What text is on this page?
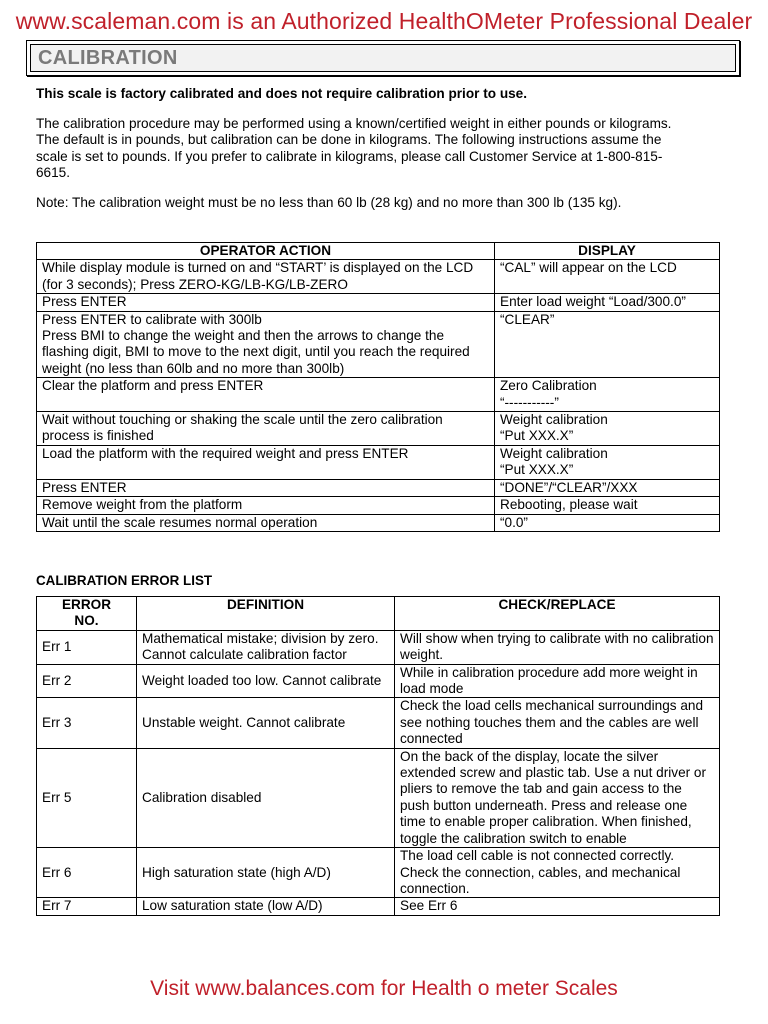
www.scaleman.com is an Authorized HealthOMeter Professional Dealer
CALIBRATION

This scale is factory calibrated and does not require calibration prior to use.

The calibration procedure may be performed using a known/certified weight in either pounds or kilograms. The default is in pounds, but calibration can be done in kilograms. The following instructions assume the scale is set to pounds. If you prefer to calibrate in kilograms, please call Customer Service at 1-800-815-6615.

Note: The calibration weight must be no less than 60 lb (28 kg) and no more than 300 lb (135 kg).

OPERATOR ACTION	DISPLAY
While display module is turned on and “START’ is displayed on the LCD (for 3 seconds); Press ZERO-KG/LB-KG/LB-ZERO	“CAL” will appear on the LCD
Press ENTER	Enter load weight “Load/300.0”
Press ENTER to calibrate with 300lb
Press BMI to change the weight and then the arrows to change the flashing digit, BMI to move to the next digit, until you reach the required weight (no less than 60lb and no more than 300lb)	“CLEAR”
Clear the platform and press ENTER	Zero Calibration
“-----------”
Wait without touching or shaking the scale until the zero calibration process is finished	Weight calibration
“Put XXX.X”
Load the platform with the required weight and press ENTER	Weight calibration
“Put XXX.X”
Press ENTER	“DONE”/“CLEAR”/XXX
Remove weight from the platform	Rebooting, please wait
Wait until the scale resumes normal operation	“0.0”
CALIBRATION ERROR LIST
ERROR
NO.	DEFINITION	CHECK/REPLACE
Err 1	Mathematical mistake; division by zero. Cannot calculate calibration factor	Will show when trying to calibrate with no calibration weight.
Err 2	Weight loaded too low. Cannot calibrate	While in calibration procedure add more weight in load mode
Err 3	Unstable weight. Cannot calibrate	Check the load cells mechanical surroundings and see nothing touches them and the cables are well connected
Err 5	Calibration disabled	On the back of the display, locate the silver extended screw and plastic tab. Use a nut driver or pliers to remove the tab and gain access to the push button underneath. Press and release one time to enable proper calibration. When finished, toggle the calibration switch to enable
Err 6	High saturation state (high A/D)	The load cell cable is not connected correctly. Check the connection, cables, and mechanical connection.
Err 7	Low saturation state (low A/D)	See Err 6
Visit www.balances.com for Health o meter Scales
